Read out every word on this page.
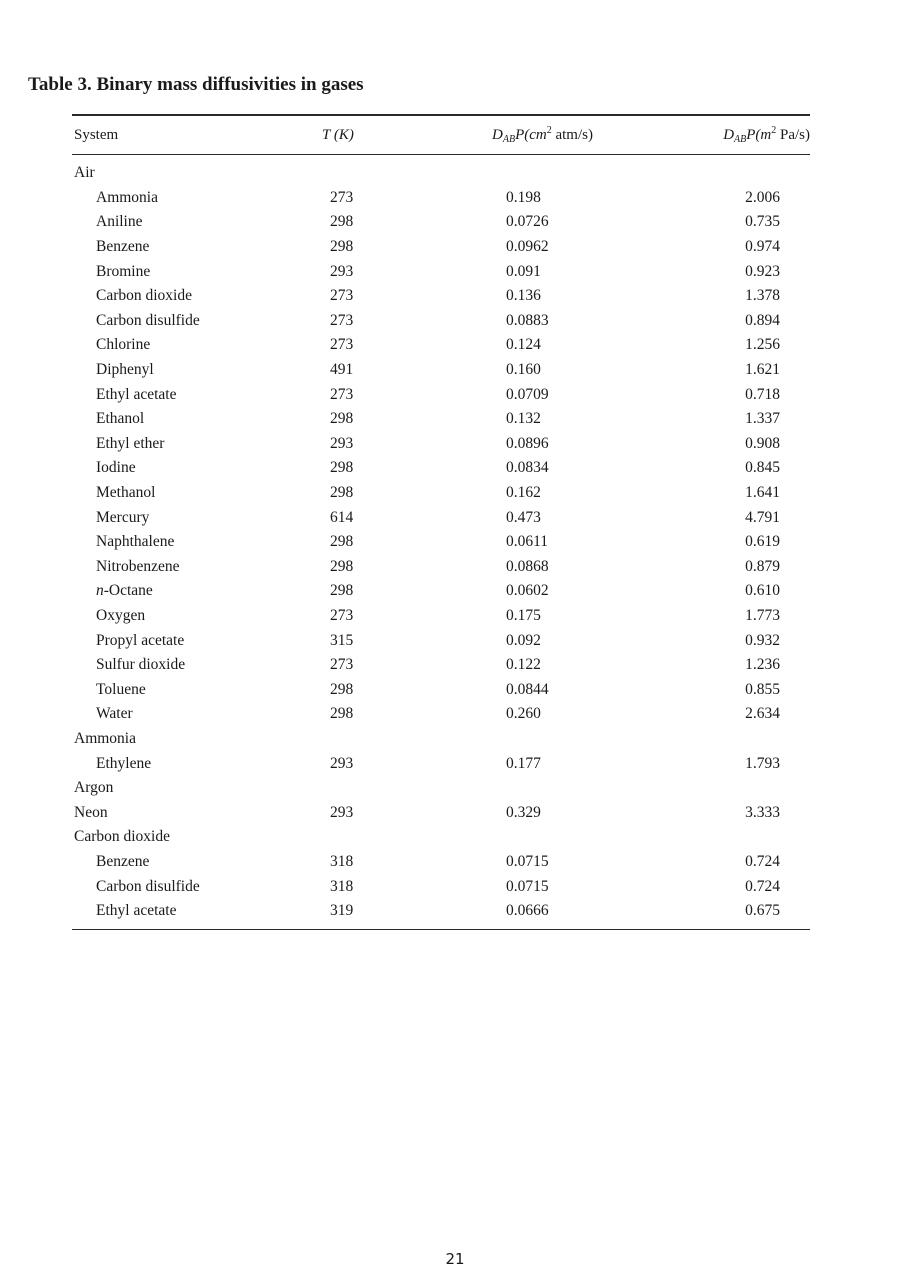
Table 3. Binary mass diffusivities in gases
System	T (K)	$D_{AB}P(cm^2$ atm/s)	$D_{AB}P(m^2$ Pa/s)
Air
Ammonia	273	0.198	2.006
Aniline	298	0.0726	0.735
Benzene	298	0.0962	0.974
Bromine	293	0.091	0.923
Carbon dioxide	273	0.136	1.378
Carbon disulfide	273	0.0883	0.894
Chlorine	273	0.124	1.256
Diphenyl	491	0.160	1.621
Ethyl acetate	273	0.0709	0.718
Ethanol	298	0.132	1.337
Ethyl ether	293	0.0896	0.908
Iodine	298	0.0834	0.845
Methanol	298	0.162	1.641
Mercury	614	0.473	4.791
Naphthalene	298	0.0611	0.619
Nitrobenzene	298	0.0868	0.879
n-Octane	298	0.0602	0.610
Oxygen	273	0.175	1.773
Propyl acetate	315	0.092	0.932
Sulfur dioxide	273	0.122	1.236
Toluene	298	0.0844	0.855
Water	298	0.260	2.634
Ammonia
Ethylene	293	0.177	1.793
Argon
Neon	293	0.329	3.333
Carbon dioxide
Benzene	318	0.0715	0.724
Carbon disulfide	318	0.0715	0.724
Ethyl acetate	319	0.0666	0.675
21
